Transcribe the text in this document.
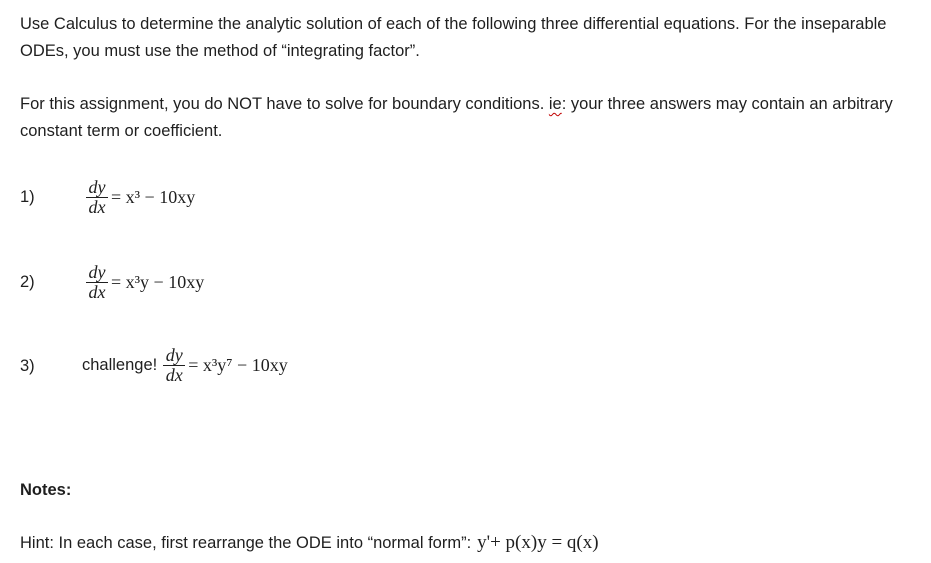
Use Calculus to determine the analytic solution of each of the following three differential equations. For the inseparable ODEs, you must use the method of “integrating factor”.

For this assignment, you do NOT have to solve for boundary conditions. ie: your three answers may contain an arbitrary constant term or coefficient.

1)	$\frac{dy}{dx} = x^3 - 10xy$
2)	$\frac{dy}{dx} = x^3y - 10xy$
3)	challenge! $\frac{dy}{dx} = x^3y^7 - 10xy$
Notes:
Hint: In each case, first rearrange the ODE into “normal form”: y'+ p(x)y = q(x)
